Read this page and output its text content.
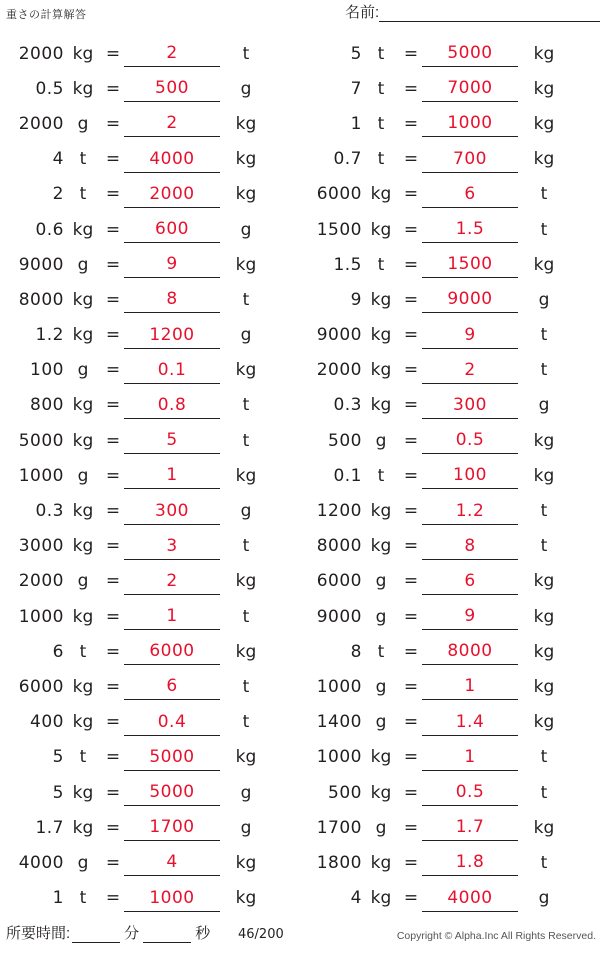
重さの計算解答	名前:
2000 kg =	2	t
0.5 kg = 500	g
2000 g	=	2	kg
4 t	= 4000	kg
2 t	= 2000	kg
0.6 kg = 600	g
9000 g	=	9	kg
8000 kg =	8	t
1.2 kg = 1200	g
100 g	= 0.1	kg
800 kg = 0.8	t
5000 kg =	5	t
1000 g	=	1	kg
0.3 kg = 300	g
3000 kg =	3	t
2000 g	=	2	kg
1000 kg =	1	t
6 t	= 6000	kg
6000 kg =	6	t
400 kg = 0.4	t
5 t	= 5000	kg
5 kg = 5000	g
1.7 kg = 1700	g
4000 g	=	4	kg
1 t	= 1000	kg
5 t	= 5000	kg
7 t	= 7000	kg
1 t	= 1000	kg
0.7 t	= 700	kg
6000 kg =	6	t
1500 kg = 1.5	t
1.5 t	= 1500	kg
9 kg = 9000	g
9000 kg =	9	t
2000 kg =	2	t
0.3 kg = 300	g
500 g	= 0.5	kg
0.1 t	= 100	kg
1200 kg = 1.2	t
8000 kg =	8	t
6000 g	=	6	kg
9000 g	=	9	kg
8 t	= 8000	kg
1000 g	=	1	kg
1400 g	= 1.4	kg
1000 kg =	1	t
500 kg = 0.5	t
1700 g	= 1.7	kg
1800 kg = 1.8	t
4 kg = 4000	g
所要時間:	分	秒 46/200	Copyright © Alpha.Inc All Rights Reserved.
